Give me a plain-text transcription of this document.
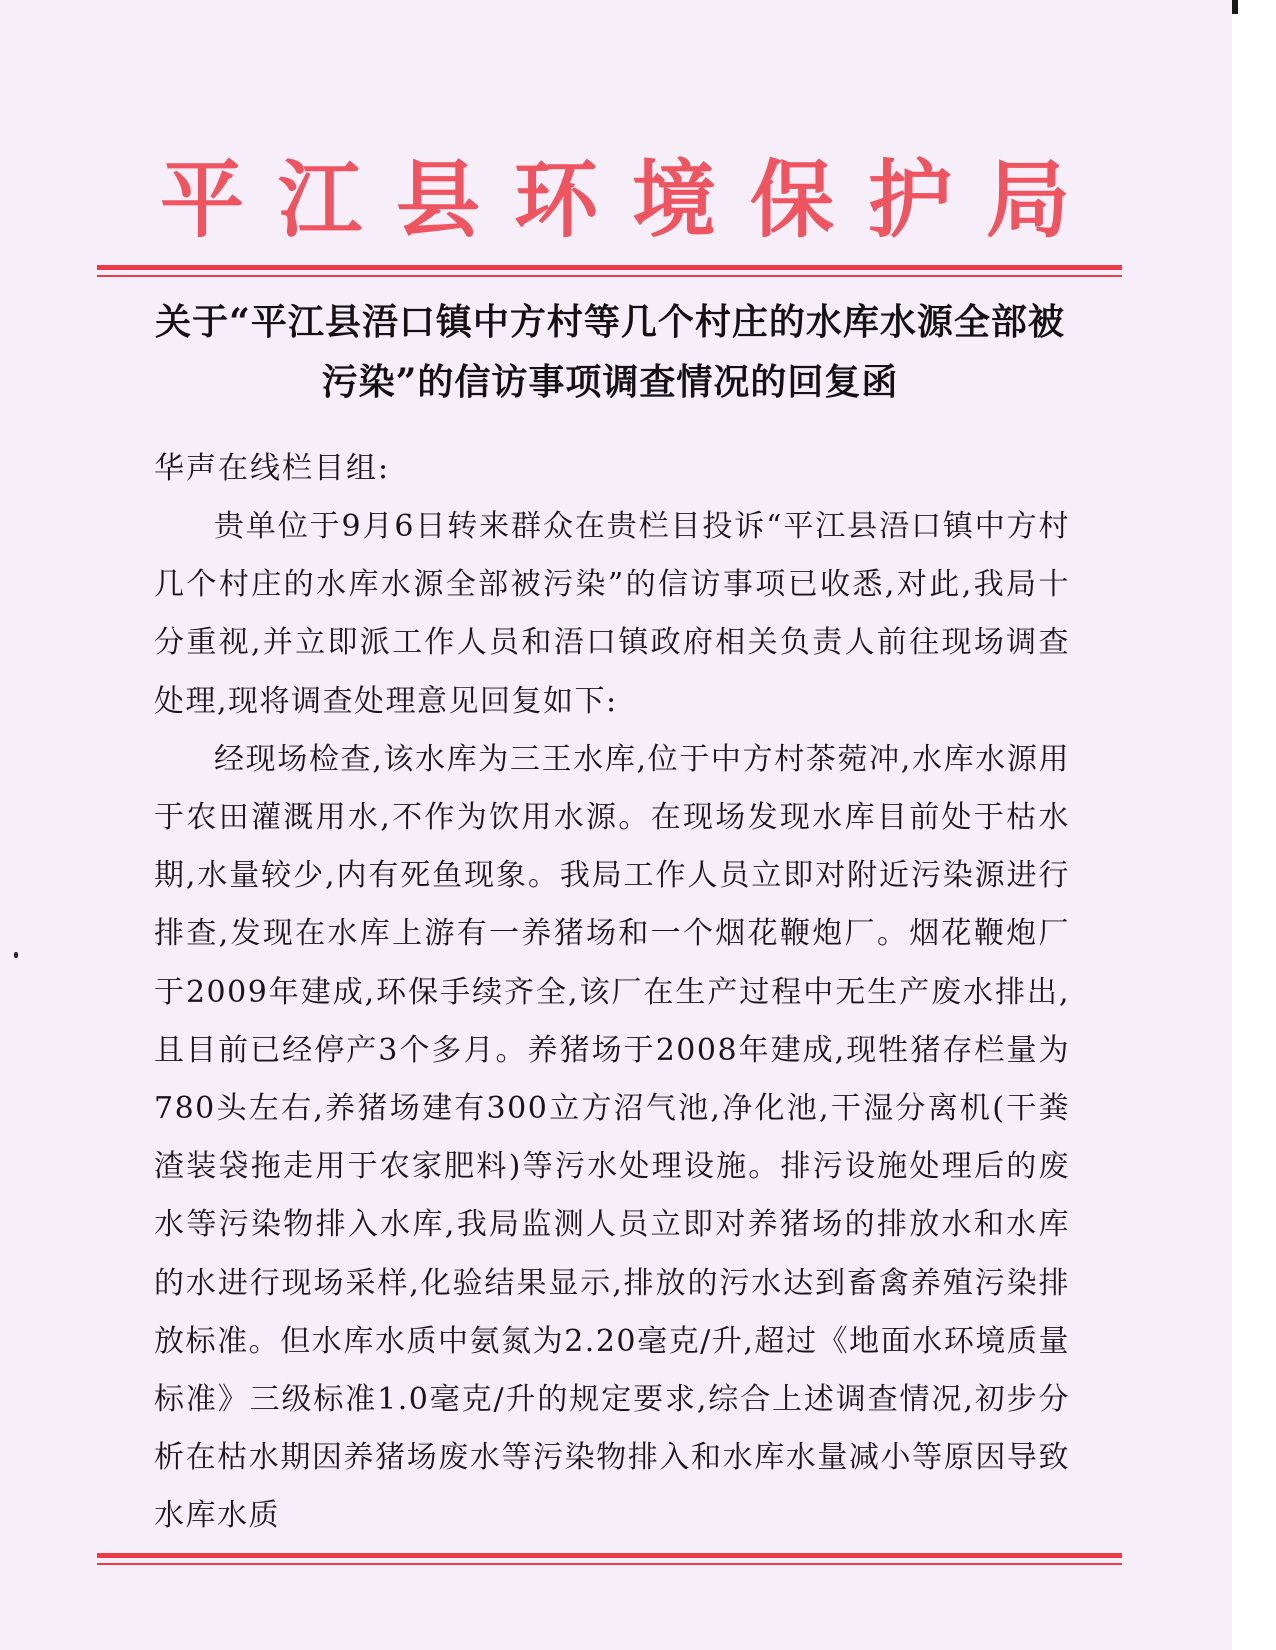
平江县环境保护局
关于“平江县浯口镇中方村等几个村庄的水库水源全部被
污染”的信访事项调查情况的回复函

华声在线栏目组:

贵单位于9月6日转来群众在贵栏目投诉“平江县浯口镇中方村几个村庄的水库水源全部被污染”的信访事项已收悉,对此,我局十分重视,并立即派工作人员和浯口镇政府相关负责人前往现场调查处理,现将调查处理意见回复如下:

经现场检查,该水库为三王水库,位于中方村茶菀冲,水库水源用于农田灌溉用水,不作为饮用水源。在现场发现水库目前处于枯水期,水量较少,内有死鱼现象。我局工作人员立即对附近污染源进行排查,发现在水库上游有一养猪场和一个烟花鞭炮厂。烟花鞭炮厂于2009年建成,环保手续齐全,该厂在生产过程中无生产废水排出,且目前已经停产3个多月。养猪场于2008年建成,现牲猪存栏量为780头左右,养猪场建有300立方沼气池,净化池,干湿分离机(干粪渣装袋拖走用于农家肥料)等污水处理设施。排污设施处理后的废水等污染物排入水库,我局监测人员立即对养猪场的排放水和水库的水进行现场采样,化验结果显示,排放的污水达到畜禽养殖污染排放标准。但水库水质中氨氮为2.20毫克/升,超过《地面水环境质量标准》三级标准1.0毫克/升的规定要求,综合上述调查情况,初步分析在枯水期因养猪场废水等污染物排入和水库水量减小等原因导致水库水质
